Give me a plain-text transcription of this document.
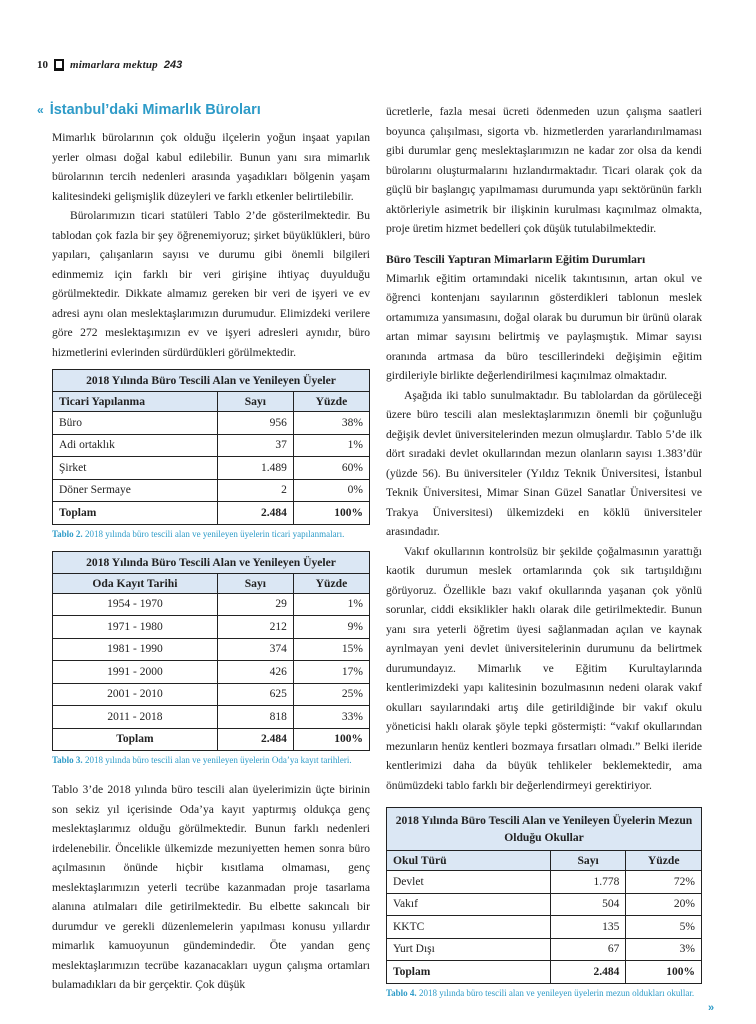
10 mimarlara mektup 243
« İstanbul’daki Mimarlık Büroları

Mimarlık bürolarının çok olduğu ilçelerin yoğun inşaat yapılan yerler olması doğal kabul edilebilir. Bunun yanı sıra mimarlık bürolarının tercih nedenleri arasında yaşadıkları bölgenin yaşam kalitesindeki gelişmişlik düzeyleri ve farklı etkenler belirtilebilir.

Bürolarımızın ticari statüleri Tablo 2’de gösterilmektedir. Bu tablodan çok fazla bir şey öğrenemiyoruz; şirket büyüklükleri, büro yapıları, çalışanların sayısı ve durumu gibi önemli bilgileri edinmemiz için farklı bir veri girişine ihtiyaç duyulduğu görülmektedir. Dikkate almamız gereken bir veri de işyeri ve ev adresi aynı olan meslektaşlarımızın durumudur. Elimizdeki verilere göre 272 meslektaşımızın ev ve işyeri adresleri aynıdır, büro hizmetlerini evlerinden sürdürdükleri görülmektedir.

2018 Yılında Büro Tescili Alan ve Yenileyen Üyeler		
Ticari Yapılanma	Sayı	Yüzde
Büro	956	38%
Adi ortaklık	37	1%
Şirket	1.489	60%
Döner Sermaye	2	0%
Toplam	2.484	100%
Tablo 2. 2018 yılında büro tescili alan ve yenileyen üyelerin ticari yapılanmaları.
2018 Yılında Büro Tescili Alan ve Yenileyen Üyeler		
Oda Kayıt Tarihi	Sayı	Yüzde
1954 - 1970	29	1%
1971 - 1980	212	9%
1981 - 1990	374	15%
1991 - 2000	426	17%
2001 - 2010	625	25%
2011 - 2018	818	33%
Toplam	2.484	100%
Tablo 3. 2018 yılında büro tescili alan ve yenileyen üyelerin Oda’ya kayıt tarihleri.

Tablo 3’de 2018 yılında büro tescili alan üyelerimizin üçte birinin son sekiz yıl içerisinde Oda’ya kayıt yaptırmış oldukça genç meslektaşlarımız olduğu görülmektedir. Bunun farklı nedenleri irdelenebilir. Öncelikle ülkemizde mezuniyetten hemen sonra büro açılmasının önünde hiçbir kısıtlama olmaması, genç meslektaşlarımızın yeterli tecrübe kazanmadan proje tasarlama alanına atılmaları dile getirilmektedir. Bu elbette sakıncalı bir durumdur ve gerekli düzenlemelerin yapılması konusu yıllardır mimarlık kamuoyunun gündemindedir. Öte yandan genç meslektaşlarımızın tecrübe kazanacakları uygun çalışma ortamları bulamadıkları da bir gerçektir. Çok düşük

ücretlerle, fazla mesai ücreti ödenmeden uzun çalışma saatleri boyunca çalışılması, sigorta vb. hizmetlerden yararlandırılmaması gibi durumlar genç meslektaşlarımızın ne kadar zor olsa da kendi bürolarını oluşturmalarını hızlandırmaktadır. Ticari olarak çok da güçlü bir başlangıç yapılmaması durumunda yapı sektörünün farklı aktörleriyle asimetrik bir ilişkinin kurulması kaçınılmaz olmakta, proje üretim hizmet bedelleri çok düşük tutulabilmektedir.

Büro Tescili Yaptıran Mimarların Eğitim Durumları

Mimarlık eğitim ortamındaki nicelik takıntısının, artan okul ve öğrenci kontenjanı sayılarının gösterdikleri tablonun meslek ortamımıza yansımasını, doğal olarak bu durumun bir ürünü olarak artan mimar sayısını belirtmiş ve paylaşmıştık. Mimar sayısı oranında artmasa da büro tescillerindeki değişimin eğitim girdileriyle birlikte değerlendirilmesi kaçınılmaz olmaktadır.

Aşağıda iki tablo sunulmaktadır. Bu tablolardan da görüleceği üzere büro tescili alan meslektaşlarımızın önemli bir çoğunluğu değişik devlet üniversitelerinden mezun olmuşlardır. Tablo 5’de ilk dört sıradaki devlet okullarından mezun olanların sayısı 1.383’dür (yüzde 56). Bu üniversiteler (Yıldız Teknik Üniversitesi, İstanbul Teknik Üniversitesi, Mimar Sinan Güzel Sanatlar Üniversitesi ve Trakya Üniversitesi) ülkemizdeki en köklü üniversiteler arasındadır.

Vakıf okullarının kontrolsüz bir şekilde çoğalmasının yarattığı kaotik durumun meslek ortamlarında çok sık tartışıldığını görüyoruz. Özellikle bazı vakıf okullarında yaşanan çok yönlü sorunlar, ciddi eksiklikler haklı olarak dile getirilmektedir. Bunun yanı sıra yeterli öğretim üyesi sağlanmadan açılan ve kaynak ayrılmayan yeni devlet üniversitelerinin durumunu da belirtmek durumundayız. Mimarlık ve Eğitim Kurultaylarında kentlerimizdeki yapı kalitesinin bozulmasının nedeni olarak vakıf okulları sayılarındaki artış dile getirildiğinde bir vakıf okulu yöneticisi haklı olarak şöyle tepki göstermişti: “vakıf okullarından mezunların henüz kentleri bozmaya fırsatları olmadı.” Belki ileride kentlerimizi daha da büyük tehlikeler beklemektedir, ama önümüzdeki tablo farklı bir değerlendirmeyi gerektiriyor.

2018 Yılında Büro Tescili Alan ve Yenileyen Üyelerin Mezun Olduğu Okullar		
Okul Türü	Sayı	Yüzde
Devlet	1.778	72%
Vakıf	504	20%
KKTC	135	5%
Yurt Dışı	67	3%
Toplam	2.484	100%
Tablo 4. 2018 yılında büro tescili alan ve yenileyen üyelerin mezun oldukları okullar.
»
